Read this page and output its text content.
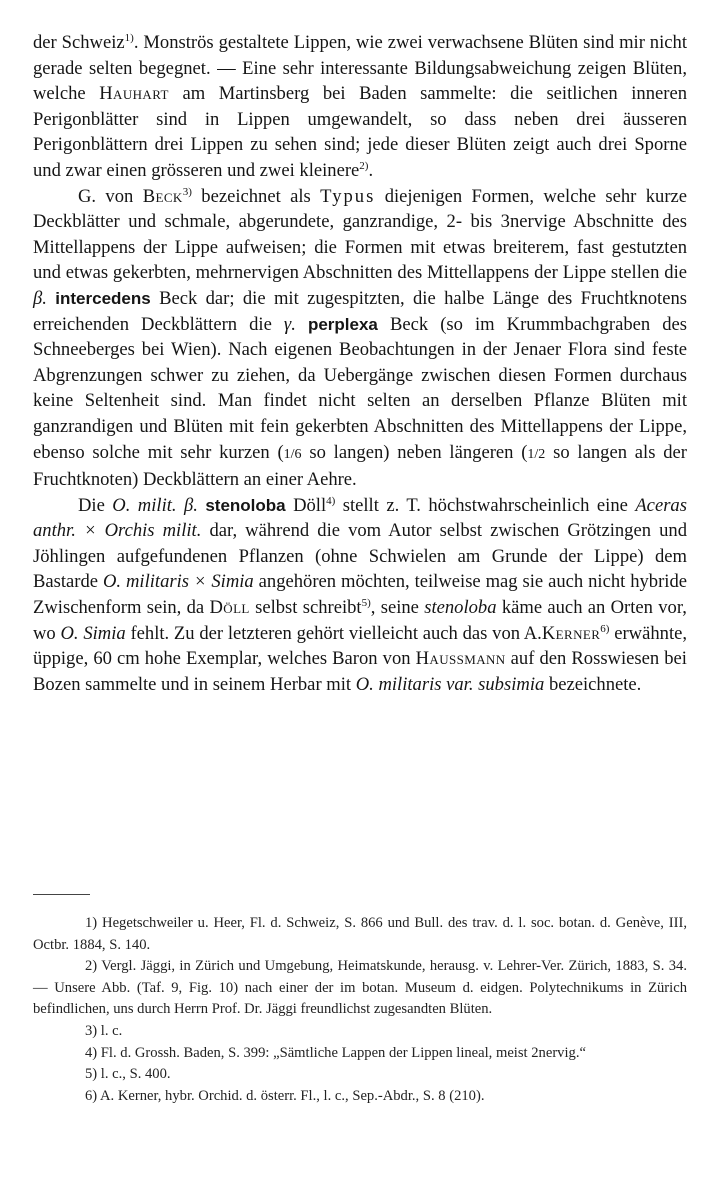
der Schweiz$^{1)}$. Monströs gestaltete Lippen, wie zwei verwachsene Blüten sind mir nicht gerade selten begegnet. — Eine sehr interessante Bildungsabweichung zeigen Blüten, welche Hauhart am Martinsberg bei Baden sammelte: die seitlichen inneren Perigonblätter sind in Lippen umgewandelt, so dass neben drei äusseren Perigonblättern drei Lippen zu sehen sind; jede dieser Blüten zeigt auch drei Sporne und zwar einen grösseren und zwei kleinere$^{2)}$.

G. von Beck$^{3)}$ bezeichnet als Typus diejenigen Formen, welche sehr kurze Deckblätter und schmale, abgerundete, ganzrandige, 2- bis 3nervige Abschnitte des Mittellappens der Lippe aufweisen; die Formen mit etwas breiterem, fast gestutzten und etwas gekerbten, mehrnervigen Abschnitten des Mittellappens der Lippe stellen die β. intercedens Beck dar; die mit zugespitzten, die halbe Länge des Fruchtknotens erreichenden Deckblättern die γ. perplexa Beck (so im Krummbachgraben des Schneeberges bei Wien). Nach eigenen Beobachtungen in der Jenaer Flora sind feste Abgrenzungen schwer zu ziehen, da Uebergänge zwischen diesen Formen durchaus keine Seltenheit sind. Man findet nicht selten an derselben Pflanze Blüten mit ganzrandigen und Blüten mit fein gekerbten Abschnitten des Mittellappens der Lippe, ebenso solche mit sehr kurzen (1/6 so langen) neben längeren (1/2 so langen als der Fruchtknoten) Deckblättern an einer Aehre.

Die O. milit. β. stenoloba Döll$^{4)}$ stellt z. T. höchstwahrscheinlich eine Aceras anthr. × Orchis milit. dar, während die vom Autor selbst zwischen Grötzingen und Jöhlingen aufgefundenen Pflanzen (ohne Schwielen am Grunde der Lippe) dem Bastarde O. militaris × Simia angehören möchten, teilweise mag sie auch nicht hybride Zwischenform sein, da Döll selbst schreibt$^{5)}$, seine stenoloba käme auch an Orten vor, wo O. Simia fehlt. Zu der letzteren gehört vielleicht auch das von A.Kerner$^{6)}$ erwähnte, üppige, 60 cm hohe Exemplar, welches Baron von Haussmann auf den Rosswiesen bei Bozen sammelte und in seinem Herbar mit O. militaris var. subsimia bezeichnete.

1) Hegetschweiler u. Heer, Fl. d. Schweiz, S. 866 und Bull. des trav. d. l. soc. botan. d. Genève, III, Octbr. 1884, S. 140.

2) Vergl. Jäggi, in Zürich und Umgebung, Heimatskunde, herausg. v. Lehrer-Ver. Zürich, 1883, S. 34. — Unsere Abb. (Taf. 9, Fig. 10) nach einer der im botan. Museum d. eidgen. Polytechnikums in Zürich befindlichen, uns durch Herrn Prof. Dr. Jäggi freundlichst zugesandten Blüten.

3) l. c.

4) Fl. d. Grossh. Baden, S. 399: „Sämtliche Lappen der Lippen lineal, meist 2nervig.“

5) l. c., S. 400.

6) A. Kerner, hybr. Orchid. d. österr. Fl., l. c., Sep.-Abdr., S. 8 (210).
